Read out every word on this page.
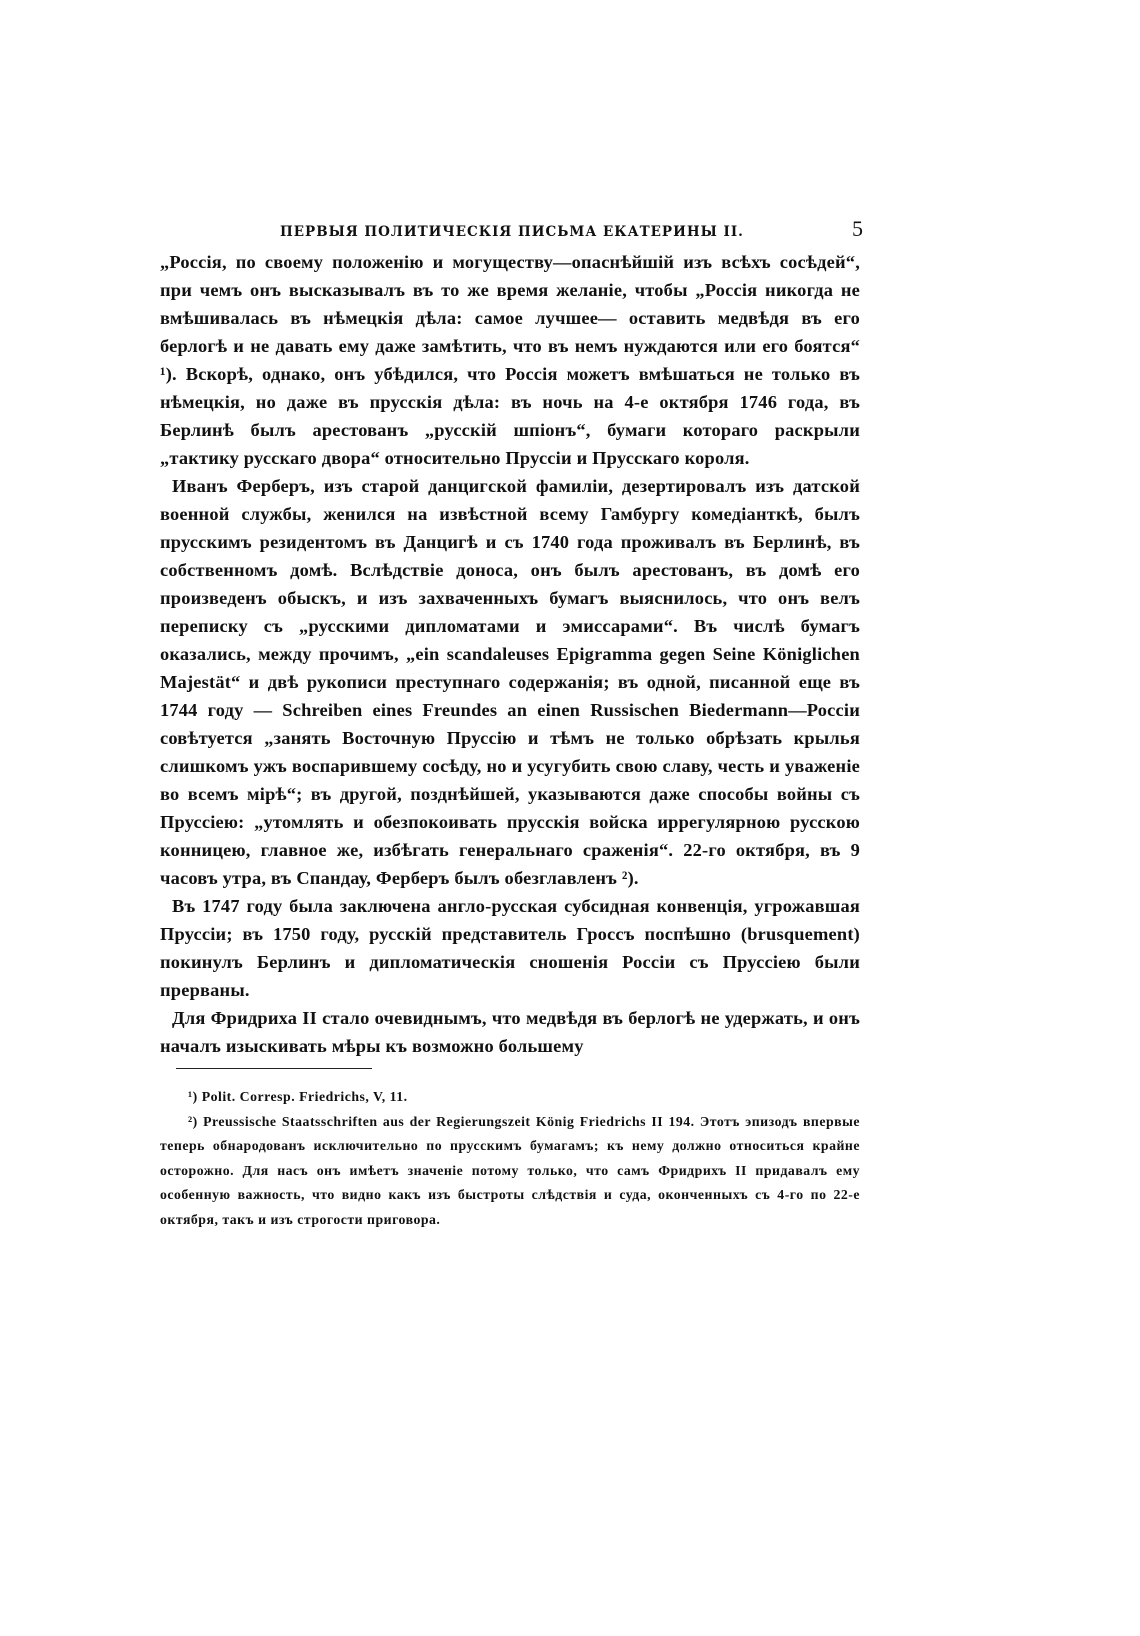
ПЕРВЫЯ ПОЛИТИЧЕСКІЯ ПИСЬМА ЕКАТЕРИНЫ II.	5

„Россія, по своему положенію и могуществу—опаснѣйшій изъ всѣхъ сосѣдей“, при чемъ онъ высказывалъ въ то же время желаніе, чтобы „Россія никогда не вмѣшивалась въ нѣмецкія дѣла: самое лучшее— оставить медвѣдя въ его берлогѣ и не давать ему даже замѣтить, что въ немъ нуждаются или его боятся“ ¹). Вскорѣ, однако, онъ убѣдился, что Россія можетъ вмѣшаться не только въ нѣмецкія, но даже въ прусскія дѣла: въ ночь на 4-е октября 1746 года, въ Берлинѣ былъ арестованъ „русскій шпіонъ“, бумаги котораго раскрыли „тактику русскаго двора“ относительно Пруссіи и Прусскаго короля.

Иванъ Ферберъ, изъ старой данцигской фамиліи, дезертировалъ изъ датской военной службы, женился на извѣстной всему Гамбургу комедіанткѣ, былъ прусскимъ резидентомъ въ Данцигѣ и съ 1740 года проживалъ въ Берлинѣ, въ собственномъ домѣ. Вслѣдствіе доноса, онъ былъ арестованъ, въ домѣ его произведенъ обыскъ, и изъ захваченныхъ бумагъ выяснилось, что онъ велъ переписку съ „русскими дипломатами и эмиссарами“. Въ числѣ бумагъ оказались, между прочимъ, „ein scandaleuses Epigramma gegen Seine Königlichen Majestät“ и двѣ рукописи преступнаго содержанія; въ одной, писанной еще въ 1744 году — Schreiben eines Freundes an einen Russischen Biedermann—Россіи совѣтуется „занять Восточную Пруссію и тѣмъ не только обрѣзать крылья слишкомъ ужъ воспарившему сосѣду, но и усугубить свою славу, честь и уваженіе во всемъ мірѣ“; въ другой, позднѣйшей, указываются даже способы войны съ Пруссіею: „утомлять и обезпокоивать прусскія войска иррегулярною русскою конницею, главное же, избѣгать генеральнаго сраженія“. 22-го октября, въ 9 часовъ утра, въ Спандау, Ферберъ былъ обезглавленъ ²).

Въ 1747 году была заключена англо-русская субсидная конвенція, угрожавшая Пруссіи; въ 1750 году, русскій представитель Гроссъ поспѣшно (brusquement) покинулъ Берлинъ и дипломатическія сношенія Россіи съ Пруссіею были прерваны.

Для Фридриха II стало очевиднымъ, что медвѣдя въ берлогѣ не удержать, и онъ началъ изыскивать мѣры къ возможно большему

¹) Polit. Corresp. Friedrichs, V, 11.

²) Preussische Staatsschriften aus der Regierungszeit König Friedrichs II 194. Этотъ эпизодъ впервые теперь обнародованъ исключительно по прусскимъ бумагамъ; къ нему должно относиться крайне осторожно. Для насъ онъ имѣетъ значеніе потому только, что самъ Фридрихъ II придавалъ ему особенную важность, что видно какъ изъ быстроты слѣдствія и суда, оконченныхъ съ 4-го по 22-е октября, такъ и изъ строгости приговора.
